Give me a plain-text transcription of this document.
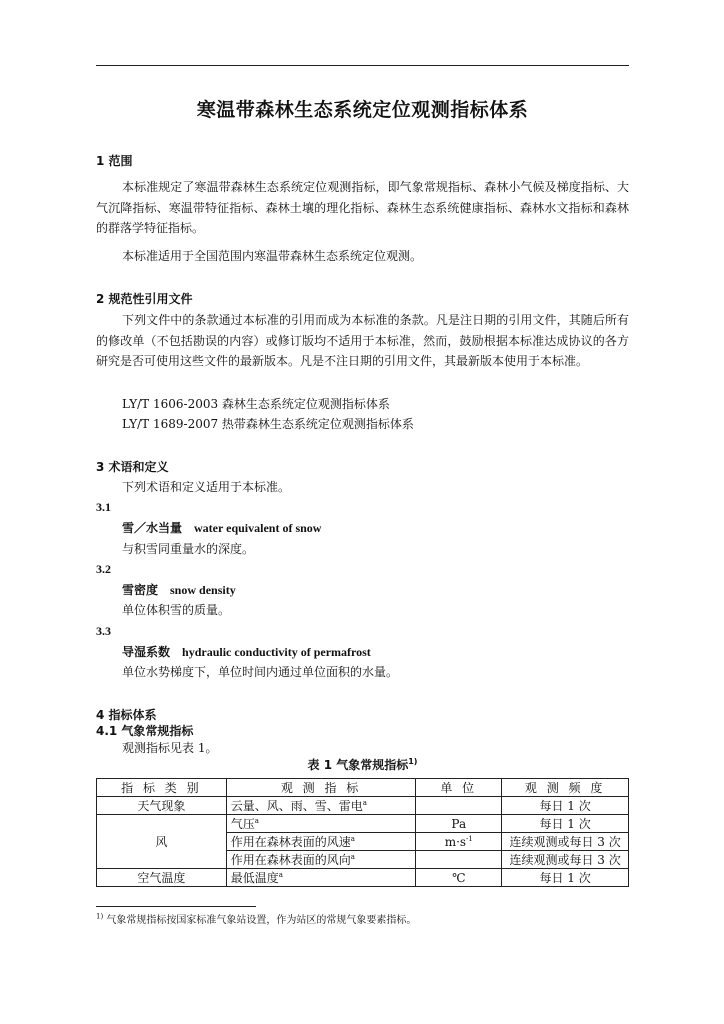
寒温带森林生态系统定位观测指标体系
1 范围
本标准规定了寒温带森林生态系统定位观测指标，即气象常规指标、森林小气候及梯度指标、大气沉降指标、寒温带特征指标、森林土壤的理化指标、森林生态系统健康指标、森林水文指标和森林的群落学特征指标。
本标准适用于全国范围内寒温带森林生态系统定位观测。
2 规范性引用文件
下列文件中的条款通过本标准的引用而成为本标准的条款。凡是注日期的引用文件，其随后所有的修改单（不包括勘误的内容）或修订版均不适用于本标准，然而，鼓励根据本标准达成协议的各方研究是否可使用这些文件的最新版本。凡是不注日期的引用文件，其最新版本使用于本标准。
LY/T 1606-2003 森林生态系统定位观测指标体系
LY/T 1689-2007 热带森林生态系统定位观测指标体系
3 术语和定义
下列术语和定义适用于本标准。
3.1
雪／水当量 water equivalent of snow
与积雪同重量水的深度。
3.2
雪密度 snow density
单位体积雪的质量。
3.3
导湿系数 hydraulic conductivity of permafrost
单位水势梯度下，单位时间内通过单位面积的水量。
4 指标体系
4.1 气象常规指标
观测指标见表 1。
表 1 气象常规指标$^{1)}$
指 标 类 别	观 测 指 标	单 位	观 测 频 度
天气现象	云量、风、雨、雪、雷电$^a$		每日 1 次
风	气压$^a$	Pa	每日 1 次
	作用在森林表面的风速$^a$	$m\cdot s^{-1}$	连续观测或每日 3 次
	作用在森林表面的风向$^a$		连续观测或每日 3 次
空气温度	最低温度$^a$	℃	每日 1 次
$^{1)}$ 气象常规指标按国家标准气象站设置，作为站区的常规气象要素指标。
